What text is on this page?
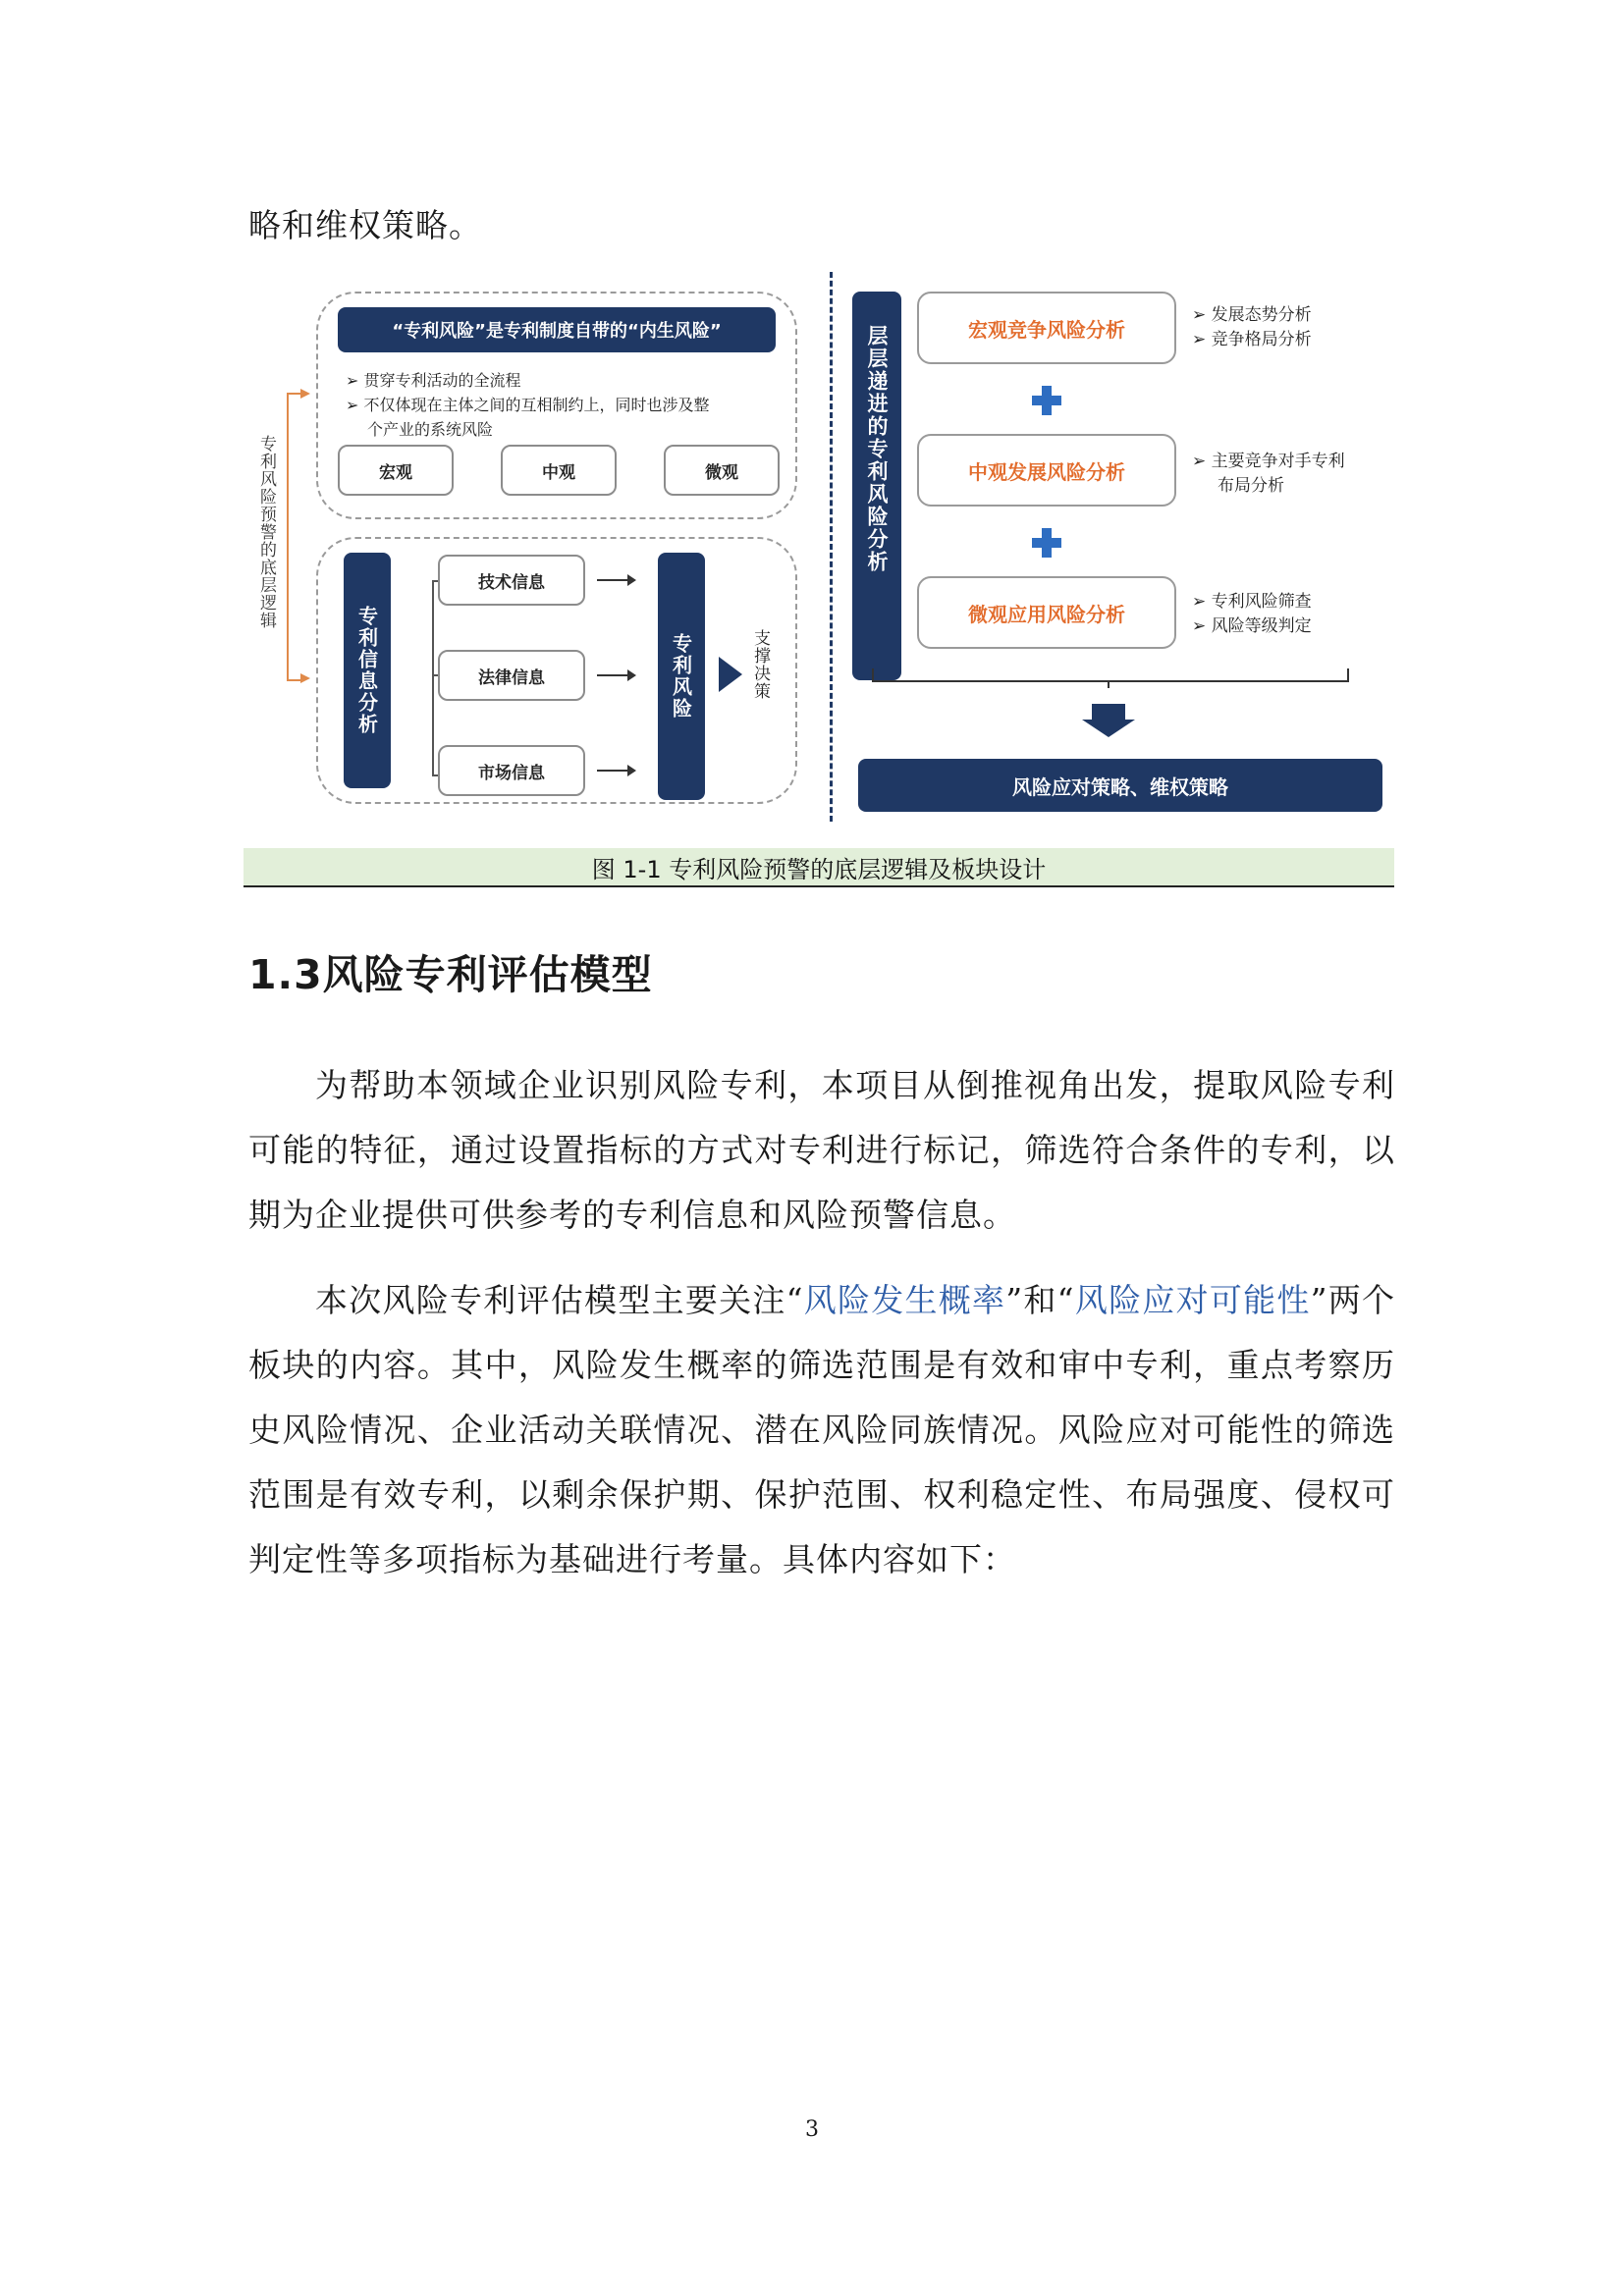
略和维权策略。
专利风险预警的底层逻辑
“专利风险”是专利制度自带的“内生风险”
➢ 贯穿专利活动的全流程
➢ 不仅体现在主体之间的互相制约上，同时也涉及整
个产业的系统风险
宏观	中观	微观
专利信息分析
技术信息
法律信息
市场信息
专利风险	支撑决策
层层递进的专利风险分析	宏观竞争风险分析
中观发展风险分析
微观应用风险分析
➢ 发展态势分析
➢ 竞争格局分析
➢ 主要竞争对手专利
布局分析
➢ 专利风险筛查
➢ 风险等级判定
风险应对策略、维权策略
图 1-1 专利风险预警的底层逻辑及板块设计
1.3风险专利评估模型
为帮助本领域企业识别风险专利，本项目从倒推视角出发，提取风险专利可能的特征，通过设置指标的方式对专利进行标记，筛选符合条件的专利，以期为企业提供可供参考的专利信息和风险预警信息。
本次风险专利评估模型主要关注“风险发生概率”和“风险应对可能性”两个板块的内容。其中，风险发生概率的筛选范围是有效和审中专利，重点考察历史风险情况、企业活动关联情况、潜在风险同族情况。风险应对可能性的筛选范围是有效专利，以剩余保护期、保护范围、权利稳定性、布局强度、侵权可判定性等多项指标为基础进行考量。具体内容如下：
3
